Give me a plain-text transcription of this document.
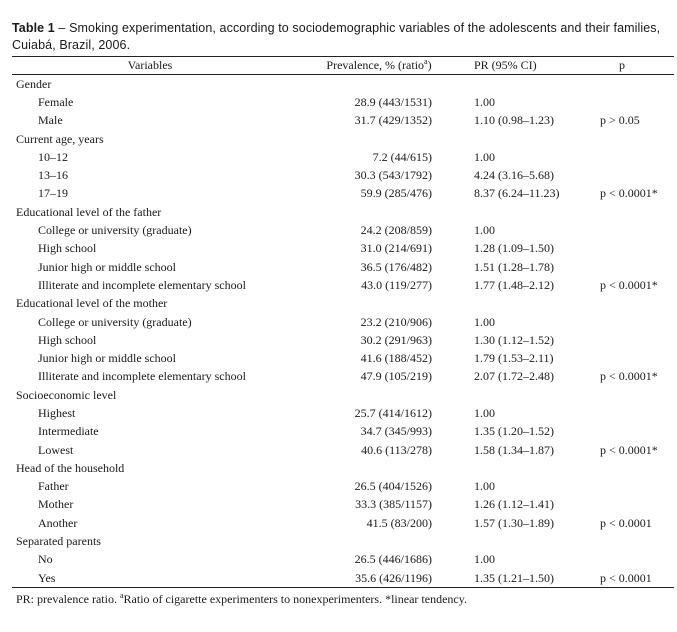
Table 1 – Smoking experimentation, according to sociodemographic variables of the adolescents and their families, Cuiabá, Brazil, 2006.
Variables	Prevalence, % (ratio$^a$)	PR (95% CI)	p
Gender			
Female	28.9 (443/1531)	1.00	
Male	31.7 (429/1352)	1.10 (0.98–1.23)	p > 0.05
Current age, years			
10–12	7.2 (44/615)	1.00	
13–16	30.3 (543/1792)	4.24 (3.16–5.68)	
17–19	59.9 (285/476)	8.37 (6.24–11.23)	p < 0.0001*
Educational level of the father			
College or university (graduate)	24.2 (208/859)	1.00	
High school	31.0 (214/691)	1.28 (1.09–1.50)	
Junior high or middle school	36.5 (176/482)	1.51 (1.28–1.78)	
Illiterate and incomplete elementary school	43.0 (119/277)	1.77 (1.48–2.12)	p < 0.0001*
Educational level of the mother			
College or university (graduate)	23.2 (210/906)	1.00	
High school	30.2 (291/963)	1.30 (1.12–1.52)	
Junior high or middle school	41.6 (188/452)	1.79 (1.53–2.11)	
Illiterate and incomplete elementary school	47.9 (105/219)	2.07 (1.72–2.48)	p < 0.0001*
Socioeconomic level			
Highest	25.7 (414/1612)	1.00	
Intermediate	34.7 (345/993)	1.35 (1.20–1.52)	
Lowest	40.6 (113/278)	1.58 (1.34–1.87)	p < 0.0001*
Head of the household			
Father	26.5 (404/1526)	1.00	
Mother	33.3 (385/1157)	1.26 (1.12–1.41)	
Another	41.5 (83/200)	1.57 (1.30–1.89)	p < 0.0001
Separated parents			
No	26.5 (446/1686)	1.00	
Yes	35.6 (426/1196)	1.35 (1.21–1.50)	p < 0.0001
PR: prevalence ratio. $^a$Ratio of cigarette experimenters to nonexperimenters. *linear tendency.
